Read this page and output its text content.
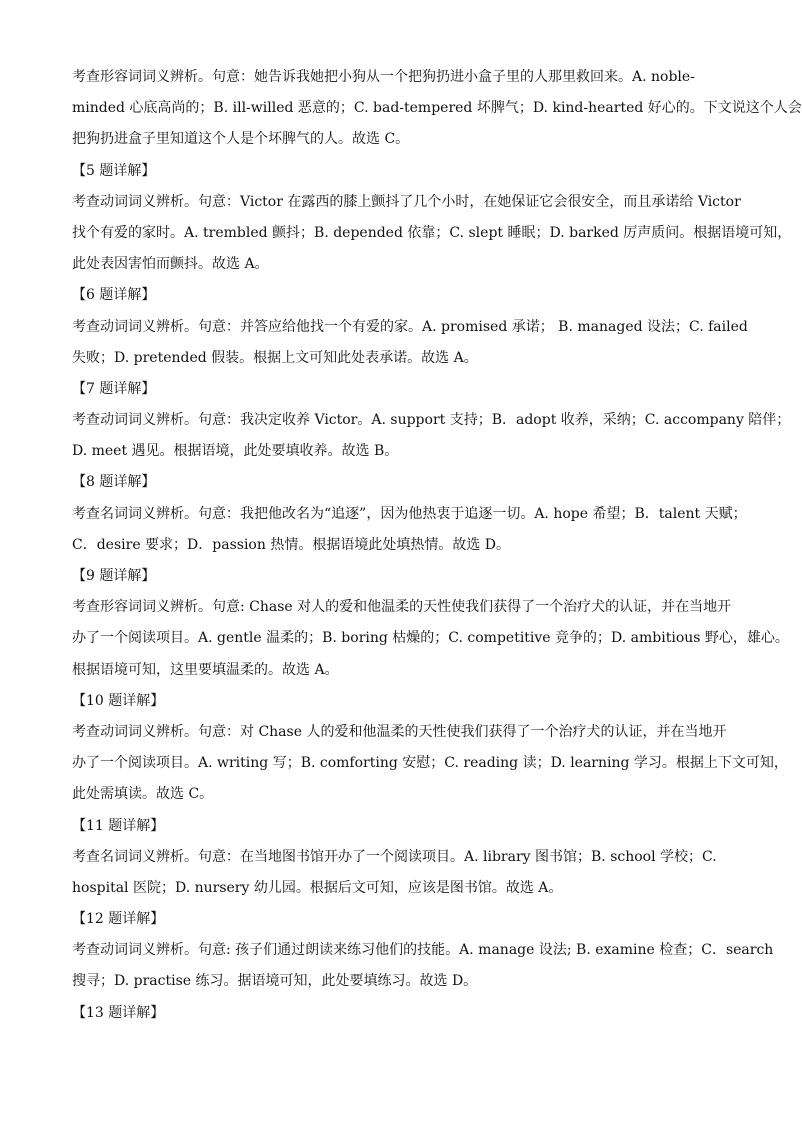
考查形容词词义辨析。句意：她告诉我她把小狗从一个把狗扔进小盒子里的人那里救回来。A. noble-
minded 心底高尚的；B. ill-willed 恶意的；C. bad-tempered 坏脾气；D. kind-hearted 好心的。下文说这个人会
把狗扔进盒子里知道这个人是个坏脾气的人。故选 C。
【5 题详解】
考查动词词义辨析。句意：Victor 在露西的膝上颤抖了几个小时，在她保证它会很安全，而且承诺给 Victor
找个有爱的家时。A. trembled 颤抖；B. depended 依靠；C. slept 睡眠；D. barked 厉声质问。根据语境可知，
此处表因害怕而颤抖。故选 A。
【6 题详解】
考查动词词义辨析。句意：并答应给他找一个有爱的家。A. promised 承诺； B. managed 设法；C. failed
失败；D. pretended 假装。根据上文可知此处表承诺。故选 A。
【7 题详解】
考查动词词义辨析。句意：我决定收养 Victor。A. support 支持；B．adopt 收养，采纳；C. accompany 陪伴；
D. meet 遇见。根据语境，此处要填收养。故选 B。
【8 题详解】
考查名词词义辨析。句意：我把他改名为“追逐”，因为他热衷于追逐一切。A. hope 希望；B．talent 天赋；
C．desire 要求；D．passion 热情。根据语境此处填热情。故选 D。
【9 题详解】
考查形容词词义辨析。句意: Chase 对人的爱和他温柔的天性使我们获得了一个治疗犬的认证，并在当地开
办了一个阅读项目。A. gentle 温柔的；B. boring 枯燥的；C. competitive 竞争的；D. ambitious 野心，雄心。
根据语境可知，这里要填温柔的。故选 A。
【10 题详解】
考查动词词义辨析。句意：对 Chase 人的爱和他温柔的天性使我们获得了一个治疗犬的认证，并在当地开
办了一个阅读项目。A. writing 写；B. comforting 安慰；C. reading 读；D. learning 学习。根据上下文可知，
此处需填读。故选 C。
【11 题详解】
考查名词词义辨析。句意：在当地图书馆开办了一个阅读项目。A. library 图书馆；B. school 学校；C.
hospital 医院；D. nursery 幼儿园。根据后文可知，应该是图书馆。故选 A。
【12 题详解】
考查动词词义辨析。句意: 孩子们通过朗读来练习他们的技能。A. manage 设法; B. examine 检查；C．search
搜寻；D. practise 练习。据语境可知，此处要填练习。故选 D。
【13 题详解】
